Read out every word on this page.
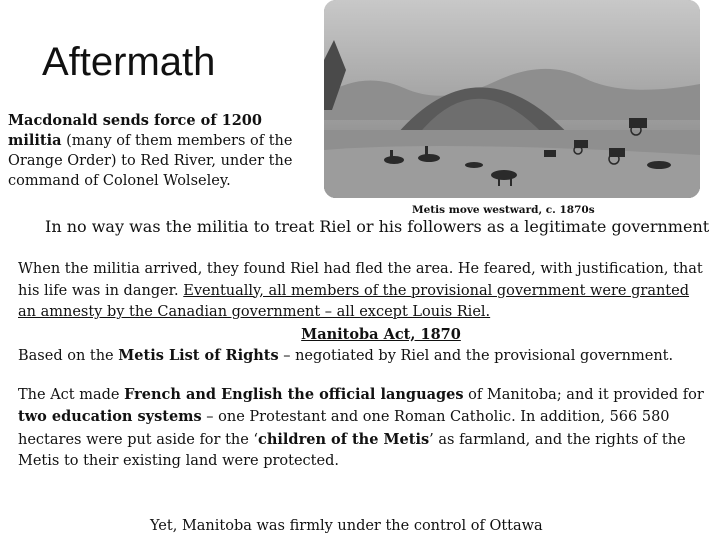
Aftermath
Macdonald sends force of 1200 militia (many of them members of the Orange Order) to Red River, under the command of Colonel Wolseley.
Metis move westward, c. 1870s
In no way was the militia to treat Riel or his followers as a legitimate government

When the militia arrived, they found Riel had fled the area. He feared, with justification, that his life was in danger. Eventually, all members of the provisional government were granted an amnesty by the Canadian government – all except Louis Riel.

Manitoba Act, 1870

Based on the Metis List of Rights – negotiated by Riel and the provisional government.

The Act made French and English the official languages of Manitoba; and it provided for two education systems – one Protestant and one Roman Catholic. In addition, 566 580 hectares were put aside for the ‘children of the Metis’ as farmland, and the rights of the Metis to their existing land were protected.

Yet, Manitoba was firmly under the control of Ottawa
